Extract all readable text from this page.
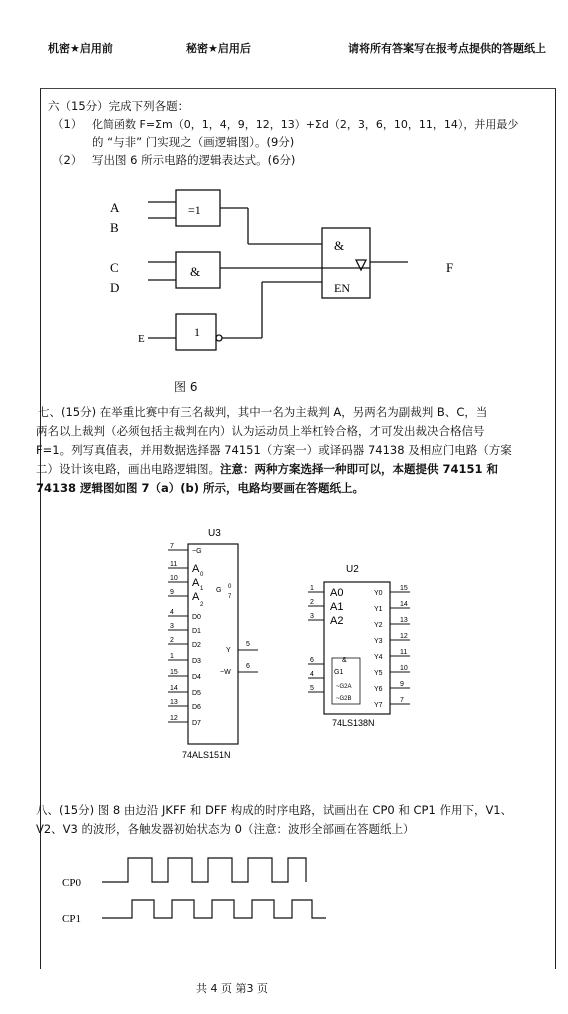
机密★启用前	秘密★启用后	请将所有答案写在报考点提供的答题纸上
六（15分）完成下列各题：
（1） 化简函数 F=Σm（0，1，4，9，12，13）+Σd（2，3，6，10，11，14），并用最少
的 “与非” 门实现之（画逻辑图）。(9分)
（2） 写出图 6 所示电路的逻辑表达式。(6分)
A
B
C
D
E
=1
&
1
&
EN
F
图 6
七、(15分) 在举重比赛中有三名裁判，其中一名为主裁判 A，另两名为副裁判 B、C，当
两名以上裁判（必须包括主裁判在内）认为运动员上举杠铃合格，才可发出裁决合格信号
F=1。列写真值表，并用数据选择器 74151（方案一）或译码器 74138 及相应门电路（方案
二）设计该电路，画出电路逻辑图。注意：两种方案选择一种即可以，本题提供 74151 和
74138 逻辑图如图 7（a）(b) 所示，电路均要画在答题纸上。
U3
7
~G
11 A
10 A
9 A
4
D0
3
D1
2
D2
1
D3
15
D4
14
D5
13
D6
12
D7
0
1
2
G 0
7
Y
~W
5
6
74ALS151N
U2
1
2
3
6
4
5
A0
A1
A2
&
G1
~G2A
~G2B
Y0
15
Y1
14
Y2
13
Y3
12
Y4
11
Y5
10
Y6
9
Y7
7
74LS138N
八、(15分) 图 8 由边沿 JKFF 和 DFF 构成的时序电路，试画出在 CP0 和 CP1 作用下，V1、
V2、V3 的波形，各触发器初始状态为 0（注意：波形全部画在答题纸上）
CP0
CP1
共 4 页 第3 页
